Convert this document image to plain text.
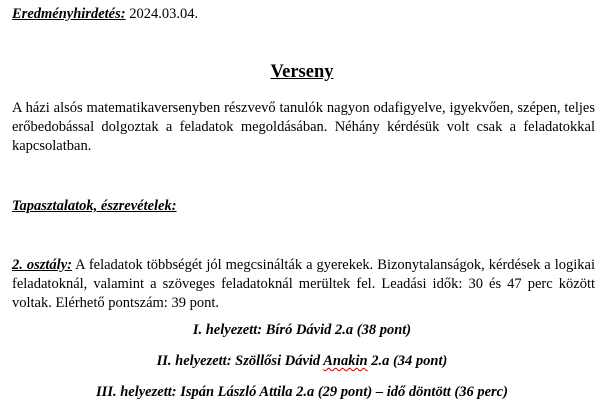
Eredményhirdetés: 2024.03.04.
Verseny
A házi alsós matematikaversenyben részvevő tanulók nagyon odafigyelve, igyekvően, szépen, teljes erőbedobással dolgoztak a feladatok megoldásában. Néhány kérdésük volt csak a feladatokkal kapcsolatban.
Tapasztalatok, észrevételek:
2. osztály: A feladatok többségét jól megcsinálták a gyerekek. Bizonytalanságok, kérdések a logikai feladatoknál, valamint a szöveges feladatoknál merültek fel. Leadási idők: 30 és 47 perc között voltak. Elérhető pontszám: 39 pont.
I. helyezett: Bíró Dávid 2.a (38 pont)
II. helyezett: Szöllősi Dávid Anakin 2.a (34 pont)
III. helyezett: Ispán László Attila 2.a (29 pont) – idő döntött (36 perc)
